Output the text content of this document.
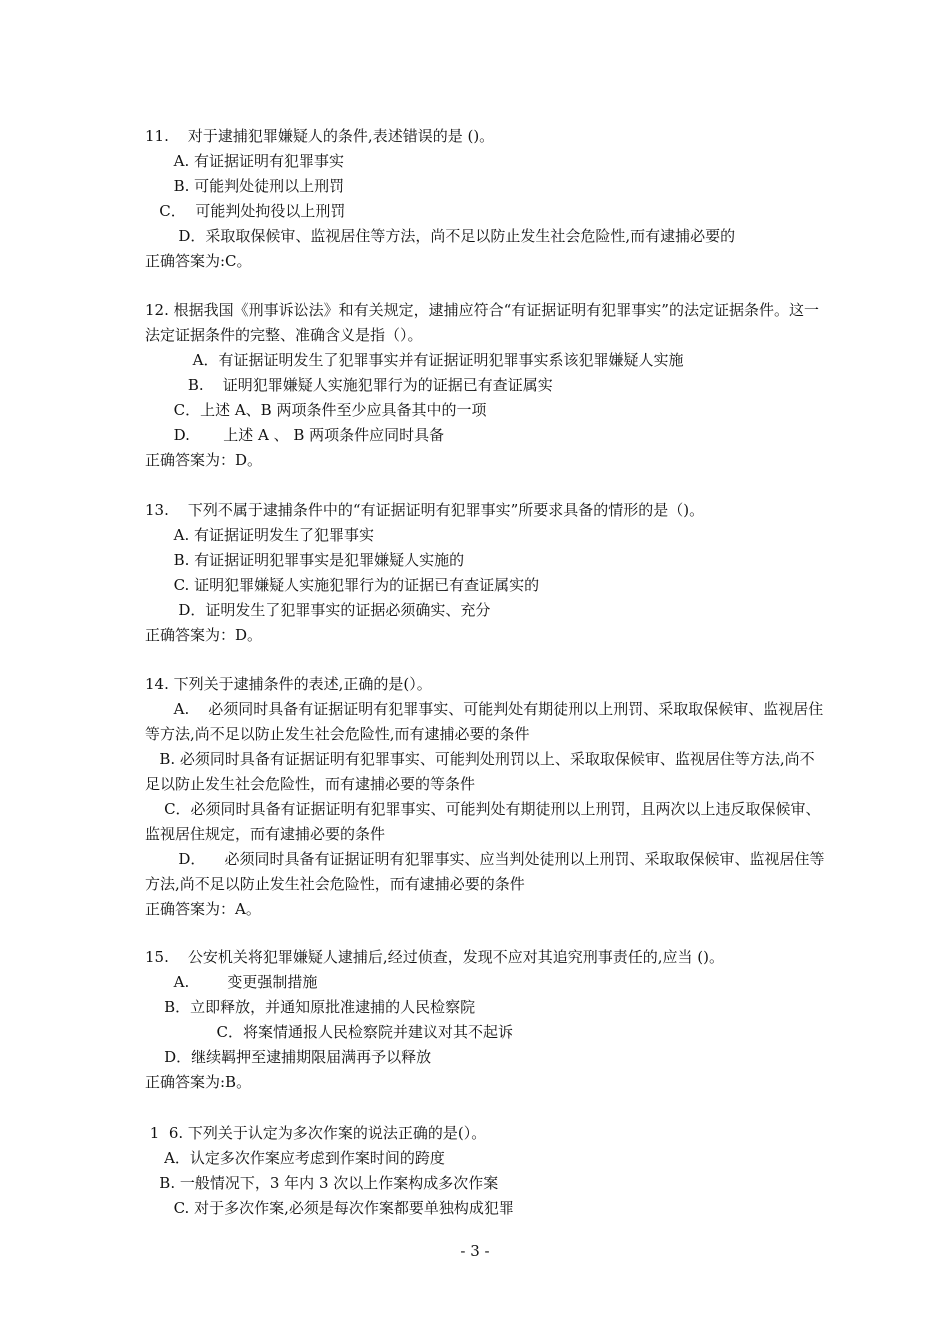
11.    对于逮捕犯罪嫌疑人的条件,表述错误的是 ()。
A. 有证据证明有犯罪事实
B. 可能判处徒刑以上刑罚
C．  可能判处拘役以上刑罚
D．采取取保候审、监视居住等方法，尚不足以防止发生社会危险性,而有逮捕必要的
正确答案为:C。
12. 根据我国《刑事诉讼法》和有关规定，逮捕应符合“有证据证明有犯罪事实”的法定证据条件。这一法定证据条件的完整、准确含义是指（）。
A．有证据证明发生了犯罪事实并有证据证明犯罪事实系该犯罪嫌疑人实施
B.    证明犯罪嫌疑人实施犯罪行为的证据已有查证属实
C．上述 A、B 两项条件至少应具备其中的一项
D.       上述 A 、 B 两项条件应同时具备
正确答案为：D。
13.    下列不属于逮捕条件中的“有证据证明有犯罪事实”所要求具备的情形的是（)。
A. 有证据证明发生了犯罪事实
B. 有证据证明犯罪事实是犯罪嫌疑人实施的
C. 证明犯罪嫌疑人实施犯罪行为的证据已有查证属实的
D．证明发生了犯罪事实的证据必须确实、充分
正确答案为：D。
14. 下列关于逮捕条件的表述,正确的是(）。
A.    必须同时具备有证据证明有犯罪事实、可能判处有期徒刑以上刑罚、采取取保候审、监视居住等方法,尚不足以防止发生社会危险性,而有逮捕必要的条件
B. 必须同时具备有证据证明有犯罪事实、可能判处刑罚以上、采取取保候审、监视居住等方法,尚不足以防止发生社会危险性，而有逮捕必要的等条件
C．必须同时具备有证据证明有犯罪事实、可能判处有期徒刑以上刑罚，且两次以上违反取保候审、监视居住规定，而有逮捕必要的条件
D．    必须同时具备有证据证明有犯罪事实、应当判处徒刑以上刑罚、采取取保候审、监视居住等方法,尚不足以防止发生社会危险性，而有逮捕必要的条件
正确答案为：A。
15.    公安机关将犯罪嫌疑人逮捕后,经过侦查，发现不应对其追究刑事责任的,应当 ()。
A.        变更强制措施
B．立即释放，并通知原批准逮捕的人民检察院
C．将案情通报人民检察院并建议对其不起诉
D．继续羁押至逮捕期限届满再予以释放
正确答案为:B。
1  6. 下列关于认定为多次作案的说法正确的是(）。
A．认定多次作案应考虑到作案时间的跨度
B. 一般情况下，3 年内 3 次以上作案构成多次作案
C. 对于多次作案,必须是每次作案都要单独构成犯罪
- 3 -
